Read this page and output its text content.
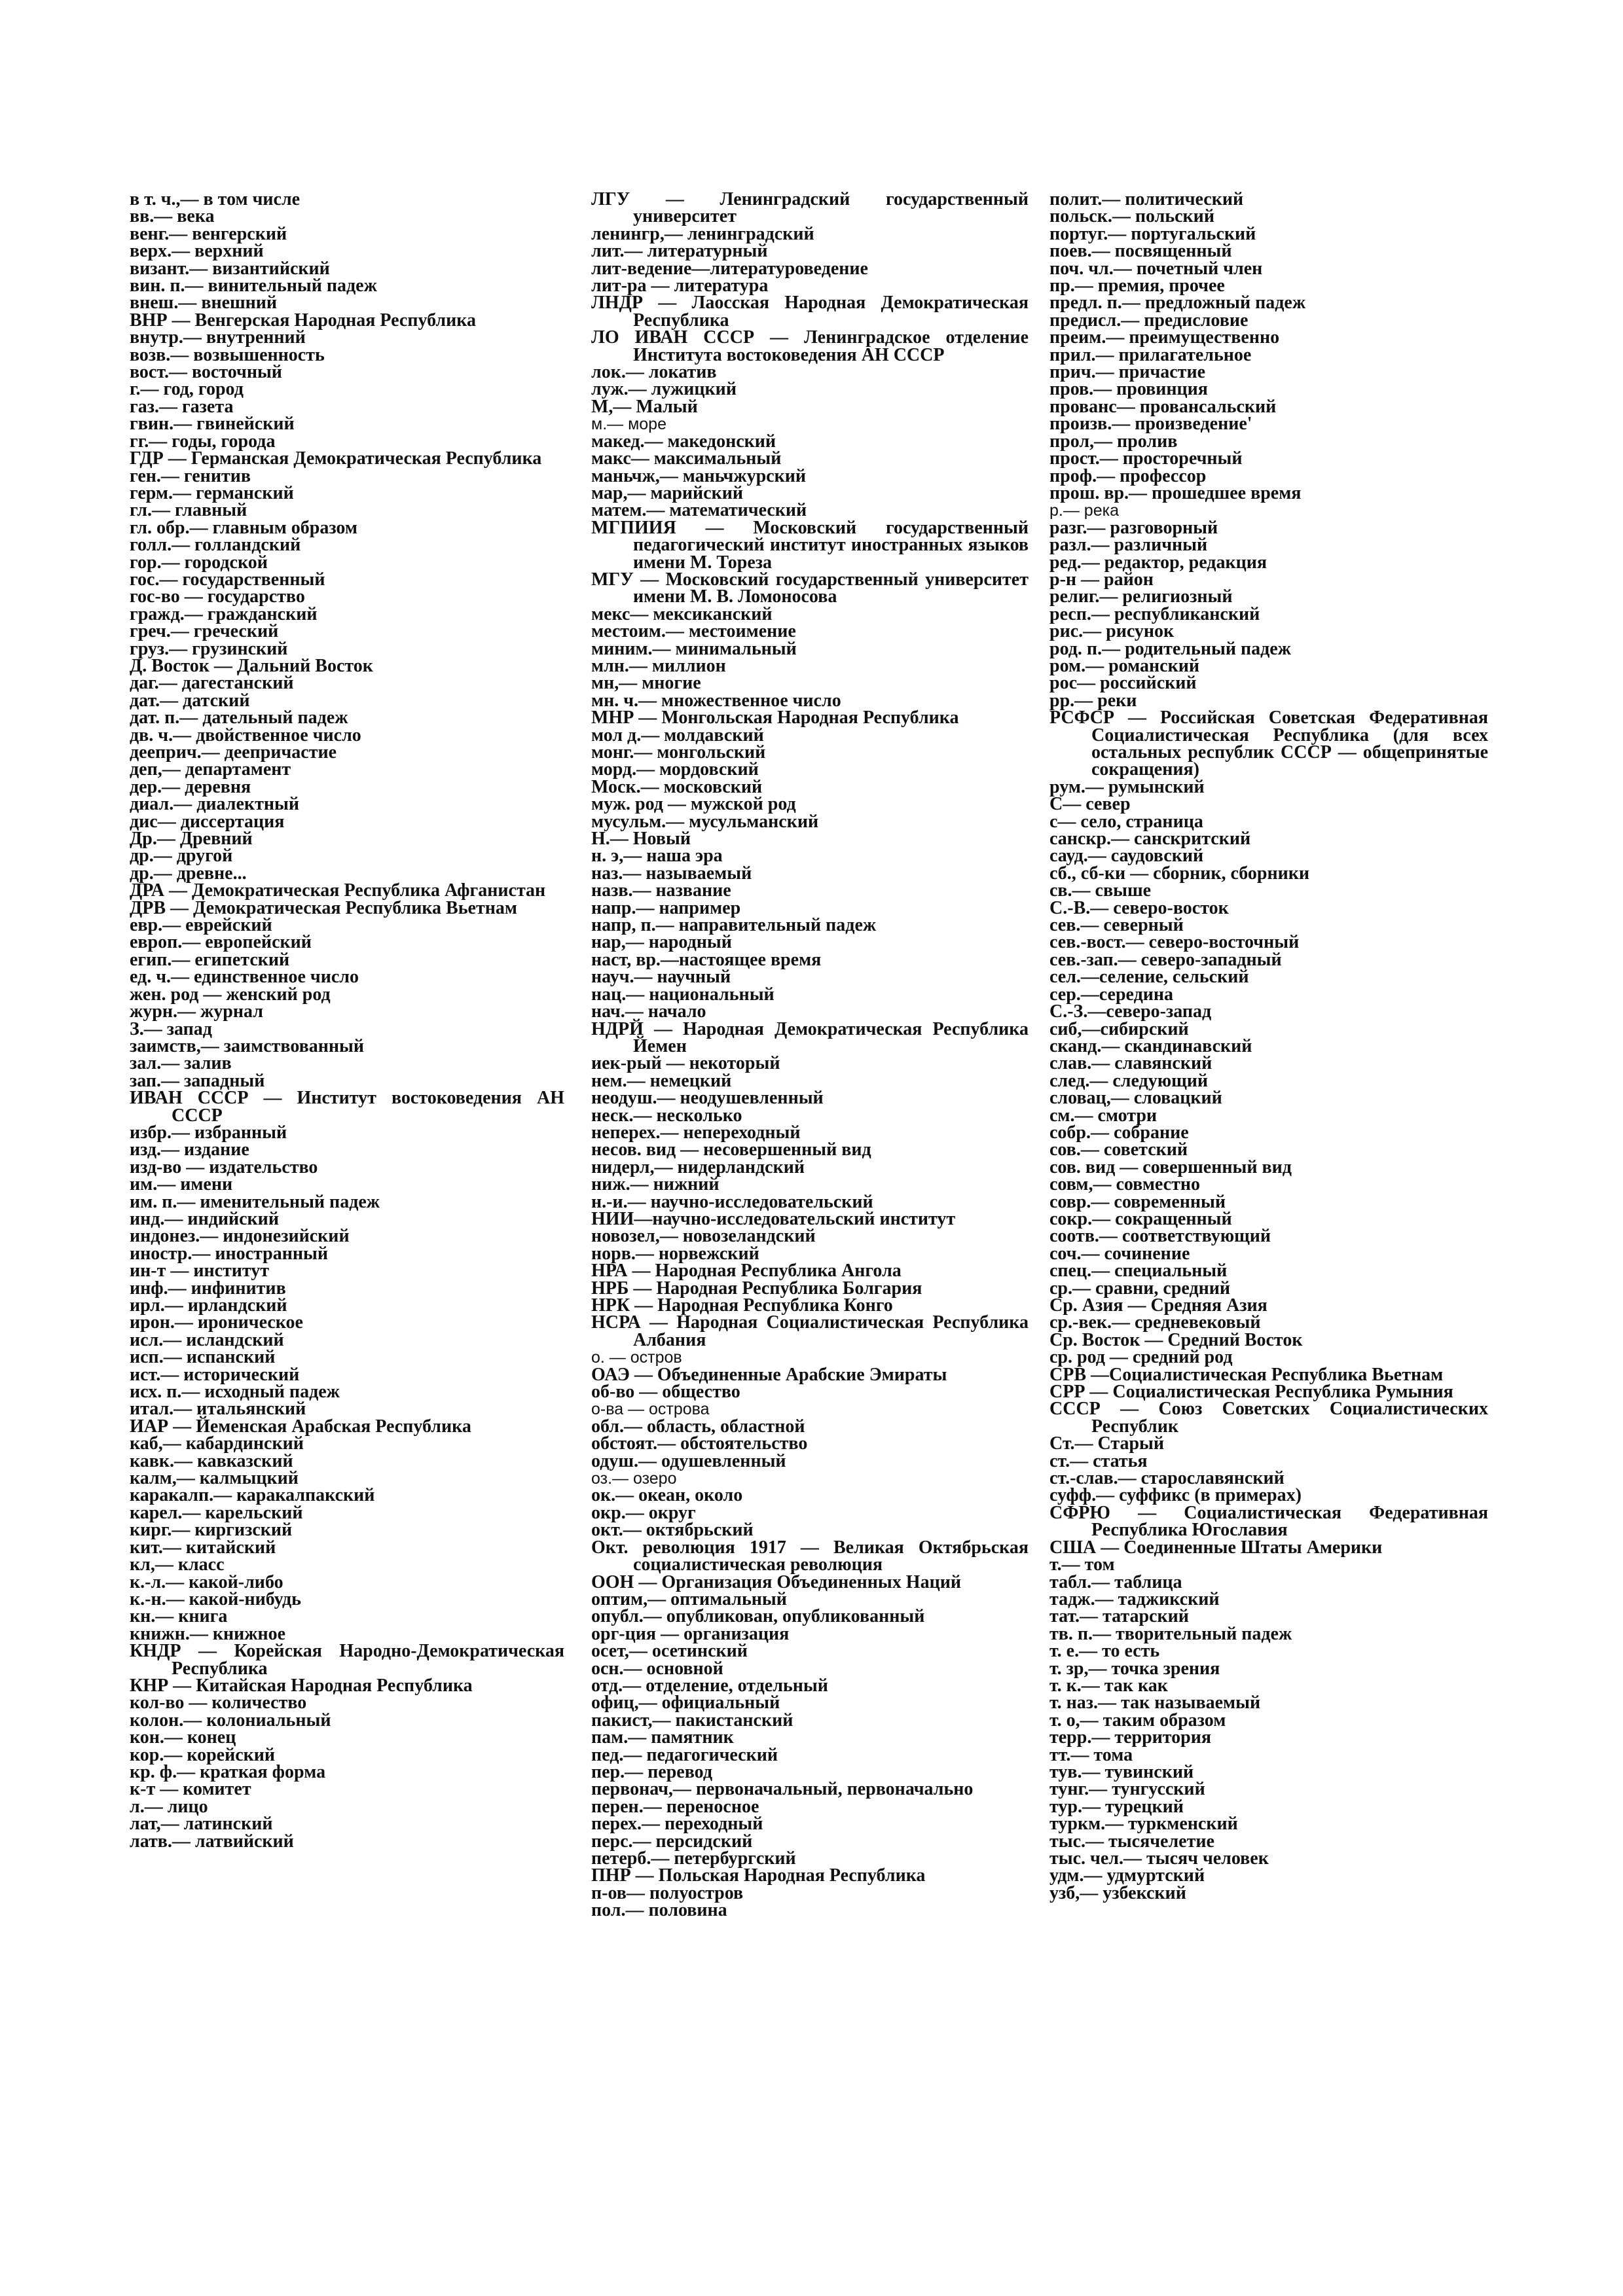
в т. ч.,— в том числе
вв.— века
венг.— венгерский
верх.— верхний
визант.— византийский
вин. п.— винительный падеж
внеш.— внешний
ВНР — Венгерская Народная Республика
внутр.— внутренний
возв.— возвышенность
вост.— восточный
г.— год, город
газ.— газета
гвин.— гвинейский
гг.— годы, города
ГДР — Германская Демократическая Республика
ген.— генитив
герм.— германский
гл.— главный
гл. обр.— главным образом
голл.— голландский
гор.— городской
гос.— государственный
гос-во — государство
гражд.— гражданский
греч.— греческий
груз.— грузинский
Д. Восток — Дальний Восток
даг.— дагестанский
дат.— датский
дат. п.— дательный падеж
дв. ч.— двойственное число
дееприч.— деепричастие
деп,— департамент
дер.— деревня
диал.— диалектный
дис— диссертация
Др.— Древний
др.— другой
др.— древне...
ДРА — Демократическая Республика Афганистан
ДРВ — Демократическая Республика Вьетнам
евр.— еврейский
европ.— европейский
егип.— египетский
ед. ч.— единственное число
жен. род — женский род
журн.— журнал
З.— запад
заимств,— заимствованный
зал.— залив
зап.— западный
ИВАН СССР — Институт востоковедения АН СССР
избр.— избранный
изд.— издание
изд-во — издательство
им.— имени
им. п.— именительный падеж
инд.— индийский
индонез.— индонезийский
иностр.— иностранный
ин-т — институт
инф.— инфинитив
ирл.— ирландский
ирон.— ироническое
исл.— исландский
исп.— испанский
ист.— исторический
исх. п.— исходный падеж
итал.— итальянский
ИАР — Йеменская Арабская Республика
каб,— кабардинский
кавк.— кавказский
калм,— калмыцкий
каракалп.— каракалпакский
карел.— карельский
кирг.— киргизский
кит.— китайский
кл,— класс
к.-л.— какой-либо
к.-н.— какой-нибудь
кн.— книга
книжн.— книжное
КНДР — Корейская Народно-Демократическая Республика
КНР — Китайская Народная Республика
кол-во — количество
колон.— колониальный
кон.— конец
кор.— корейский
кр. ф.— краткая форма
к-т — комитет
л.— лицо
лат,— латинский
латв.— латвийский
ЛГУ — Ленинградский государственный университет
ленингр,— ленинградский
лит.— литературный
лит-ведение—литературоведение
лит-ра — литература
ЛНДР — Лаосская Народная Демократическая Республика
ЛО ИВАН СССР — Ленинградское отделение Института востоковедения АН СССР
лок.— локатив
луж.— лужицкий
М,— Малый
м.— море
макед.— македонский
макс— максимальный
маньчж,— маньчжурский
мар,— марийский
матем.— математический
МГПИИЯ — Московский государственный педагогический институт иностранных языков имени М. Тореза
МГУ — Московский государственный университет имени М. В. Ломоносова
мекс— мексиканский
местоим.— местоимение
миним.— минимальный
млн.— миллион
мн,— многие
мн. ч.— множественное число
МНР — Монгольская Народная Республика
мол д.— молдавский
монг.— монгольский
морд.— мордовский
Моск.— московский
муж. род — мужской род
мусульм.— мусульманский
Н.— Новый
н. э,— наша эра
наз.— называемый
назв.— название
напр.— например
напр, п.— направительный падеж
нар,— народный
наст, вр.—настоящее время
науч.— научный
нац.— национальный
нач.— начало
НДРЙ — Народная Демократическая Республика Йемен
иек-рый — некоторый
нем.— немецкий
неодуш.— неодушевленный
неск.— несколько
неперех.— непереходный
несов. вид — несовершенный вид
нидерл,— нидерландский
ниж.— нижний
н.-и.— научно-исследовательский
НИИ—научно-исследовательский институт
новозел,— новозеландский
норв.— норвежский
НРА — Народная Республика Ангола
НРБ — Народная Республика Болгария
НРК — Народная Республика Конго
НСРА — Народная Социалистическая Республика Албания
о. — остров
ОАЭ — Объединенные Арабские Эмираты
об-во — общество
о-ва — острова
обл.— область, областной
обстоят.— обстоятельство
одуш.— одушевленный
оз.— озеро
ок.— океан, около
окр.— округ
окт.— октябрьский
Окт. революция 1917 — Великая Октябрьская социалистическая революция
ООН — Организация Объединенных Наций
оптим,— оптимальный
опубл.— опубликован, опубликованный
орг-ция — организация
осет,— осетинский
осн.— основной
отд.— отделение, отдельный
офиц,— официальный
пакист,— пакистанский
пам.— памятник
пед.— педагогический
пер.— перевод
первонач,— первоначальный, первоначально
перен.— переносное
перех.— переходный
перс.— персидский
петерб.— петербургский
ПНР — Польская Народная Республика
п-ов— полуостров
пол.— половина
полит.— политический
польск.— польский
португ.— португальский
поев.— посвященный
поч. чл.— почетный член
пр.— премия, прочее
предл. п.— предложный падеж
предисл.— предисловие
преим.— преимущественно
прил.— прилагательное
прич.— причастие
пров.— провинция
прованс— провансальский
произв.— произведение'
прол,— пролив
прост.— просторечный
проф.— профессор
прош. вр.— прошедшее время
р.— река
разг.— разговорный
разл.— различный
ред.— редактор, редакция
р-н — район
религ.— религиозный
респ.— республиканский
рис.— рисунок
род. п.— родительный падеж
ром.— романский
рос— российский
рр.— реки
РСФСР — Российская Советская Федеративная Социалистическая Республика (для всех остальных республик СССР — общепринятые сокращения)
рум.— румынский
С— север
с— село, страница
санскр.— санскритский
сауд.— саудовский
сб., сб-ки — сборник, сборники
св.— свыше
С.-В.— северо-восток
сев.— северный
сев.-вост.— северо-восточный
сев.-зап.— северо-западный
сел.—селение, сельский
сер.—середина
С.-З.—северо-запад
сиб,—сибирский
сканд.— скандинавский
слав.— славянский
след.— следующий
словац,— словацкий
см.— смотри
собр.— собрание
сов.— советский
сов. вид — совершенный вид
совм,— совместно
совр.— современный
сокр.— сокращенный
соотв.— соответствующий
соч.— сочинение
спец.— специальный
ср.— сравни, средний
Ср. Азия — Средняя Азия
ср.-век.— средневековый
Ср. Восток — Средний Восток
ср. род — средний род
СРВ —Социалистическая Республика Вьетнам
СРР — Социалистическая Республика Румыния
СССР — Союз Советских Социалистических Республик
Ст.— Старый
ст.— статья
ст.-слав.— старославянский
суфф.— суффикс (в примерах)
СФРЮ — Социалистическая Федеративная Республика Югославия
США — Соединенные Штаты Америки
т.— том
табл.— таблица
тадж.— таджикский
тат.— татарский
тв. п.— творительный падеж
т. е.— то есть
т. зр,— точка зрения
т. к.— так как
т. наз.— так называемый
т. о,— таким образом
терр.— территория
тт.— тома
тув.— тувинский
тунг.— тунгусский
тур.— турецкий
туркм.— туркменский
тыс.— тысячелетие
тыс. чел.— тысяч человек
удм.— удмуртский
узб,— узбекский
